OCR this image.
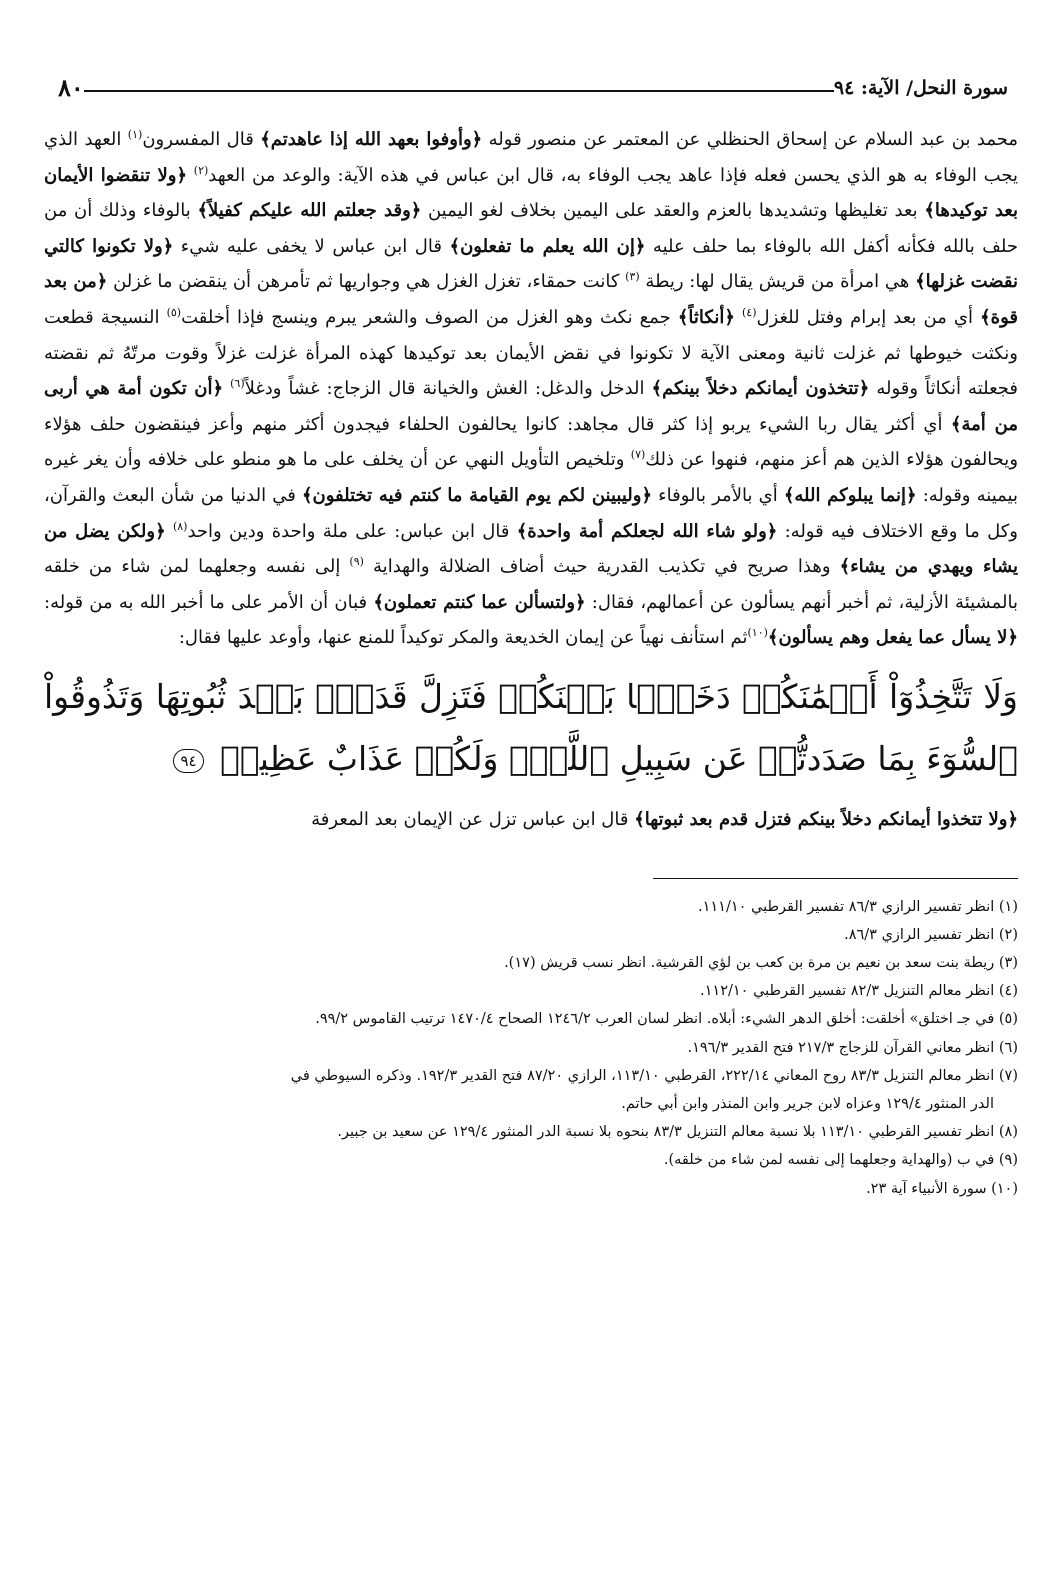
سورة النحل/ الآية: ٩٤
٨٠

محمد بن عبد السلام عن إسحاق الحنظلي عن المعتمر عن منصور قوله ﴿وأوفوا بعهد الله إذا عاهدتم﴾ قال المفسرون$^{(١)}$ العهد الذي يجب الوفاء به هو الذي يحسن فعله فإذا عاهد يجب الوفاء به، قال ابن عباس في هذه الآية: والوعد من العهد$^{(٢)}$ ﴿ولا تنقضوا الأيمان بعد توكيدها﴾ بعد تغليظها وتشديدها بالعزم والعقد على اليمين بخلاف لغو اليمين ﴿وقد جعلتم الله عليكم كفيلاً﴾ بالوفاء وذلك أن من حلف بالله فكأنه أكفل الله بالوفاء بما حلف عليه ﴿إن الله يعلم ما تفعلون﴾ قال ابن عباس لا يخفى عليه شيء ﴿ولا تكونوا كالتي نقضت غزلها﴾ هي امرأة من قريش يقال لها: ريطة $^{(٣)}$ كانت حمقاء، تغزل الغزل هي وجواريها ثم تأمرهن أن ينقضن ما غزلن ﴿من بعد قوة﴾ أي من بعد إبرام وفتل للغزل$^{(٤)}$ ﴿أنكاثاً﴾ جمع نكث وهو الغزل من الصوف والشعر يبرم وينسج فإذا أخلقت$^{(٥)}$ النسيجة قطعت ونكثت خيوطها ثم غزلت ثانية ومعنى الآية لا تكونوا في نقض الأيمان بعد توكيدها كهذه المرأة غزلت غزلاً وقوت مرتّهُ ثم نقضته فجعلته أنكاثاً وقوله ﴿تتخذون أيمانكم دخلاً بينكم﴾ الدخل والدغل: الغش والخيانة قال الزجاج: غشاً ودغلاً$^{(٦)}$ ﴿أن تكون أمة هي أربى من أمة﴾ أي أكثر يقال ربا الشيء يربو إذا كثر قال مجاهد: كانوا يحالفون الحلفاء فيجدون أكثر منهم وأعز فينقضون حلف هؤلاء ويحالفون هؤلاء الذين هم أعز منهم، فنهوا عن ذلك$^{(٧)}$ وتلخيص التأويل النهي عن أن يخلف على ما هو منطو على خلافه وأن يغر غيره بيمينه وقوله: ﴿إنما يبلوكم الله﴾ أي بالأمر بالوفاء ﴿وليبينن لكم يوم القيامة ما كنتم فيه تختلفون﴾ في الدنيا من شأن البعث والقرآن، وكل ما وقع الاختلاف فيه قوله: ﴿ولو شاء الله لجعلكم أمة واحدة﴾ قال ابن عباس: على ملة واحدة ودين واحد$^{(٨)}$ ﴿ولكن يضل من يشاء ويهدي من يشاء﴾ وهذا صريح في تكذيب القدرية حيث أضاف الضلالة والهداية $^{(٩)}$ إلى نفسه وجعلهما لمن شاء من خلقه بالمشيئة الأزلية، ثم أخبر أنهم يسألون عن أعمالهم، فقال: ﴿ولتسألن عما كنتم تعملون﴾ فبان أن الأمر على ما أخبر الله به من قوله: ﴿لا يسأل عما يفعل وهم يسألون﴾$^{(١٠)}$ثم استأنف نهياً عن إيمان الخديعة والمكر توكيداً للمنع عنها، وأوعد عليها فقال:

وَلَا تَتَّخِذُوٓاْ أَيۡمَٰنَكُمۡ دَخَلَۢا بَيۡنَكُمۡ فَتَزِلَّ قَدَمُۢ بَعۡدَ ثُبُوتِهَا وَتَذُوقُواْ ٱلسُّوٓءَ بِمَا صَدَدتُّمۡ عَن سَبِيلِ ٱللَّهِۖ وَلَكُمۡ عَذَابٌ عَظِيمٞ ٩٤

﴿ولا تتخذوا أيمانكم دخلاً بينكم فتزل قدم بعد ثبوتها﴾ قال ابن عباس تزل عن الإيمان بعد المعرفة

(١) انظر تفسير الرازي ٨٦/٣ تفسير القرطبي ١١١/١٠.

(٢) انظر تفسير الرازي ٨٦/٣.

(٣) ريطة بنت سعد بن نعيم بن مرة بن كعب بن لؤي القرشية. انظر نسب قريش (١٧).

(٤) انظر معالم التنزيل ٨٢/٣ تفسير القرطبي ١١٢/١٠.

(٥) في جـ اختلق» أخلقت: أخلق الدهر الشيء: أبلاه. انظر لسان العرب ١٢٤٦/٢ الصحاح ١٤٧٠/٤ ترتيب القاموس ٩٩/٢.

(٦) انظر معاني القرآن للزجاج ٢١٧/٣ فتح القدير ١٩٦/٣.

(٧) انظر معالم التنزيل ٨٣/٣ روح المعاني ٢٢٢/١٤، القرطبي ١١٣/١٠، الرازي ٨٧/٢٠ فتح القدير ١٩٢/٣. وذكره السيوطي في

الدر المنثور ١٢٩/٤ وعزاه لابن جرير وابن المنذر وابن أبي حاتم.

(٨) انظر تفسير القرطبي ١١٣/١٠ بلا نسبة معالم التنزيل ٨٣/٣ بنحوه بلا نسبة الدر المنثور ١٢٩/٤ عن سعيد بن جبير.

(٩) في ب (والهداية وجعلهما إلى نفسه لمن شاء من خلقه).

(١٠) سورة الأنبياء آية ٢٣.
